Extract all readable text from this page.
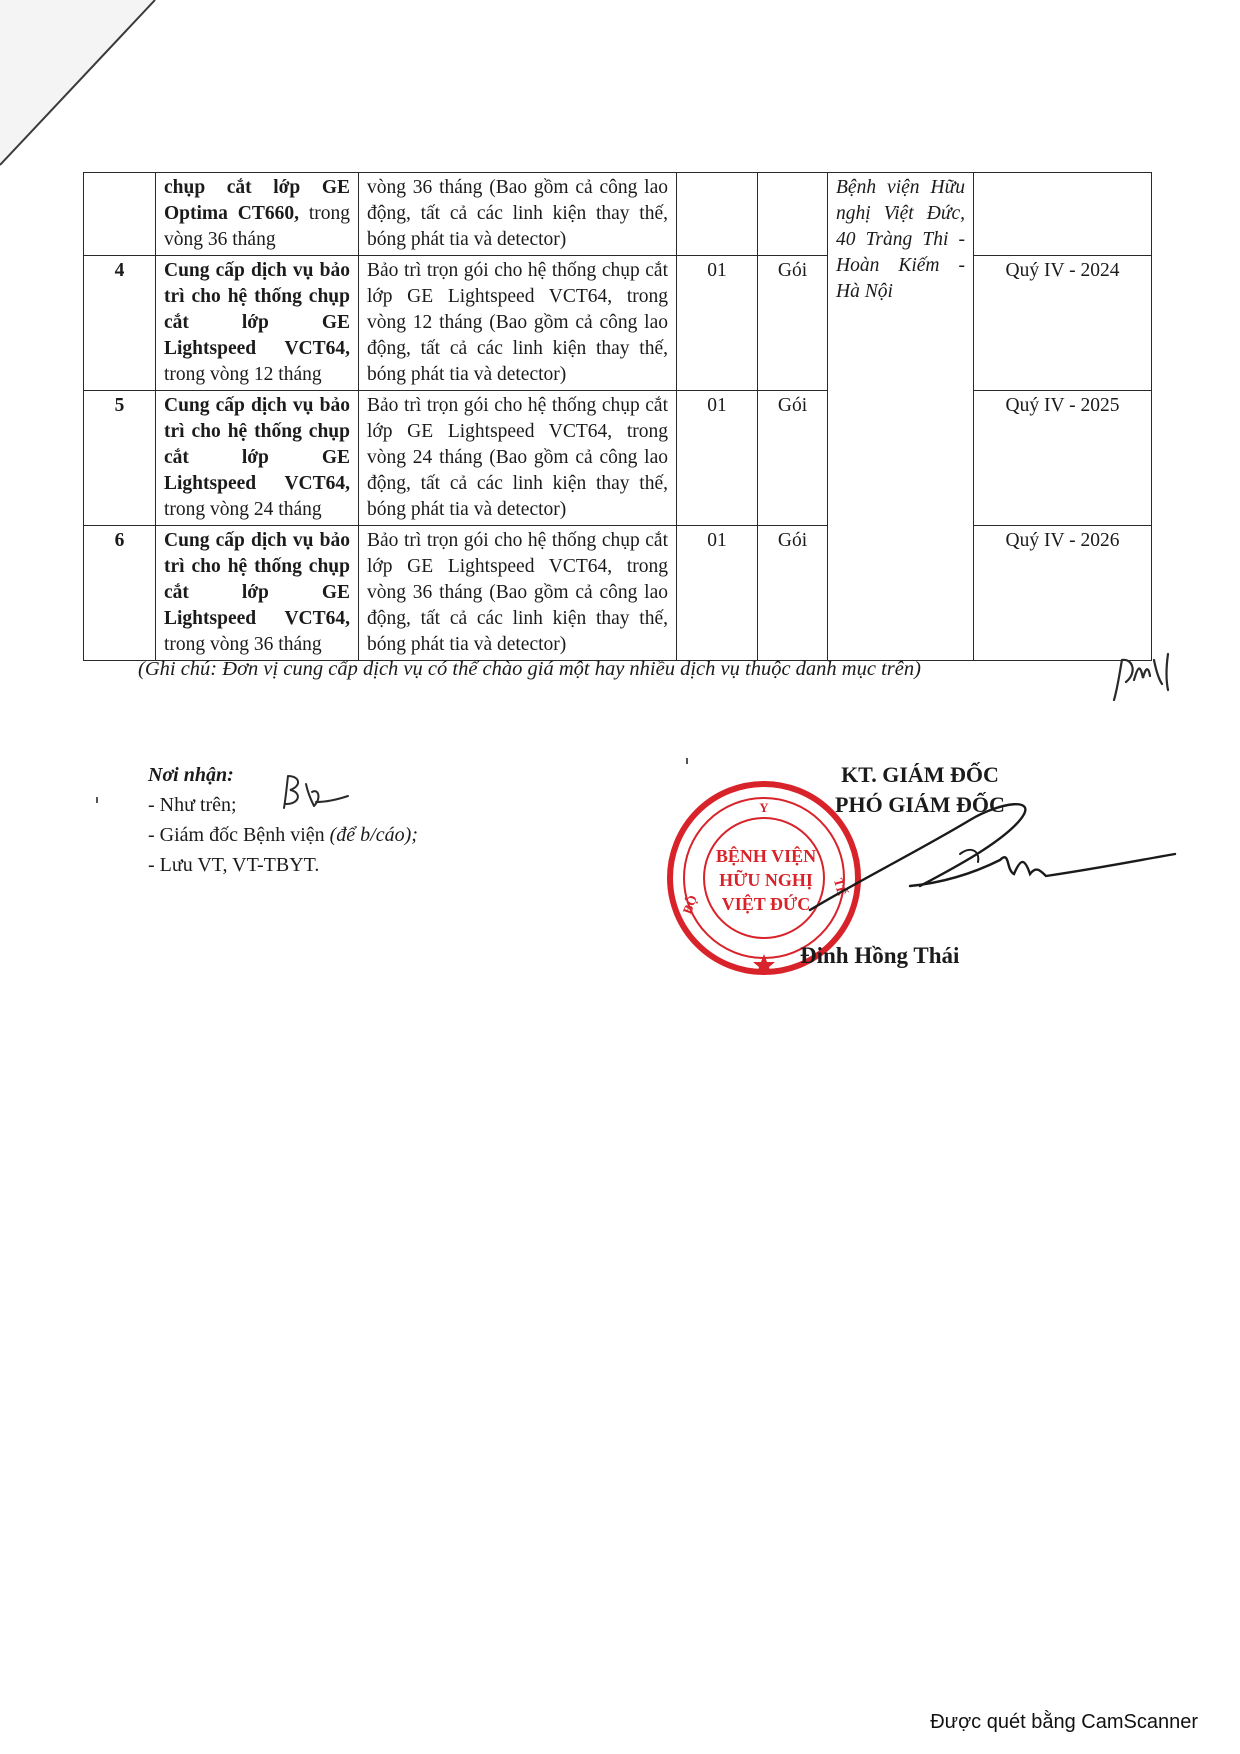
	chụp cắt lớp GE Optima CT660, trong vòng 36 tháng	vòng 36 tháng (Bao gồm cả công lao động, tất cả các linh kiện thay thế, bóng phát tia và detector)			Bệnh viện Hữu nghị Việt Đức, 40 Tràng Thi - Hoàn Kiếm - Hà Nội	
4	Cung cấp dịch vụ bảo trì cho hệ thống chụp cắt lớp GE Lightspeed VCT64, trong vòng 12 tháng	Bảo trì trọn gói cho hệ thống chụp cắt lớp GE Lightspeed VCT64, trong vòng 12 tháng (Bao gồm cả công lao động, tất cả các linh kiện thay thế, bóng phát tia và detector)	01	Gói		Quý IV - 2024
5	Cung cấp dịch vụ bảo trì cho hệ thống chụp cắt lớp GE Lightspeed VCT64, trong vòng 24 tháng	Bảo trì trọn gói cho hệ thống chụp cắt lớp GE Lightspeed VCT64, trong vòng 24 tháng (Bao gồm cả công lao động, tất cả các linh kiện thay thế, bóng phát tia và detector)	01	Gói		Quý IV - 2025
6	Cung cấp dịch vụ bảo trì cho hệ thống chụp cắt lớp GE Lightspeed VCT64, trong vòng 36 tháng	Bảo trì trọn gói cho hệ thống chụp cắt lớp GE Lightspeed VCT64, trong vòng 36 tháng (Bao gồm cả công lao động, tất cả các linh kiện thay thế, bóng phát tia và detector)	01	Gói		Quý IV - 2026
(Ghi chú: Đơn vị cung cấp dịch vụ có thể chào giá một hay nhiều dịch vụ thuộc danh mục trên)
Nơi nhận:
- Như trên;
- Giám đốc Bệnh viện (để b/cáo);
- Lưu VT, VT-TBYT.
KT. GIÁM ĐỐC
PHÓ GIÁM ĐỐC
Y
BỘ
TẾ
BỆNH VIỆN
HỮU NGHỊ
VIỆT ĐỨC
Đinh Hồng Thái
Được quét bằng CamScanner
